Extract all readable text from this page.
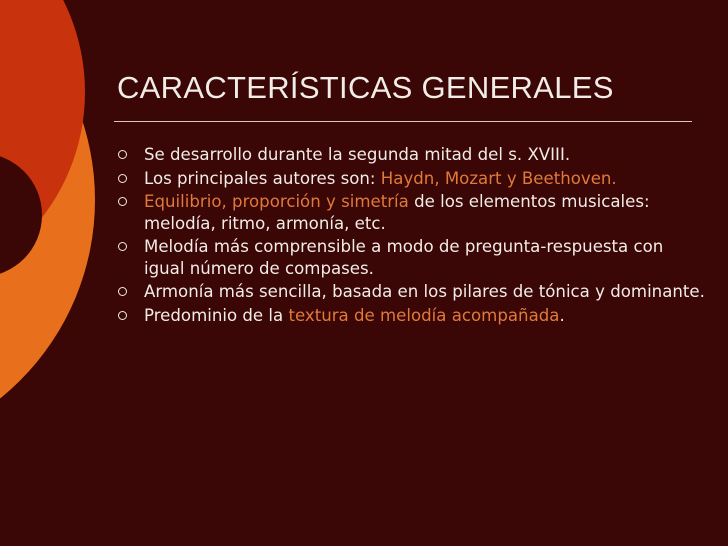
CARACTERÍSTICAS GENERALES
Se desarrollo durante la segunda mitad del s. XVIII.
Los principales autores son: Haydn, Mozart y Beethoven.
Equilibrio, proporción y simetría de los elementos musicales: melodía, ritmo, armonía, etc.
Melodía más comprensible a modo de pregunta-respuesta con igual número de compases.
Armonía más sencilla, basada en los pilares de tónica y dominante.
Predominio de la textura de melodía acompañada.
